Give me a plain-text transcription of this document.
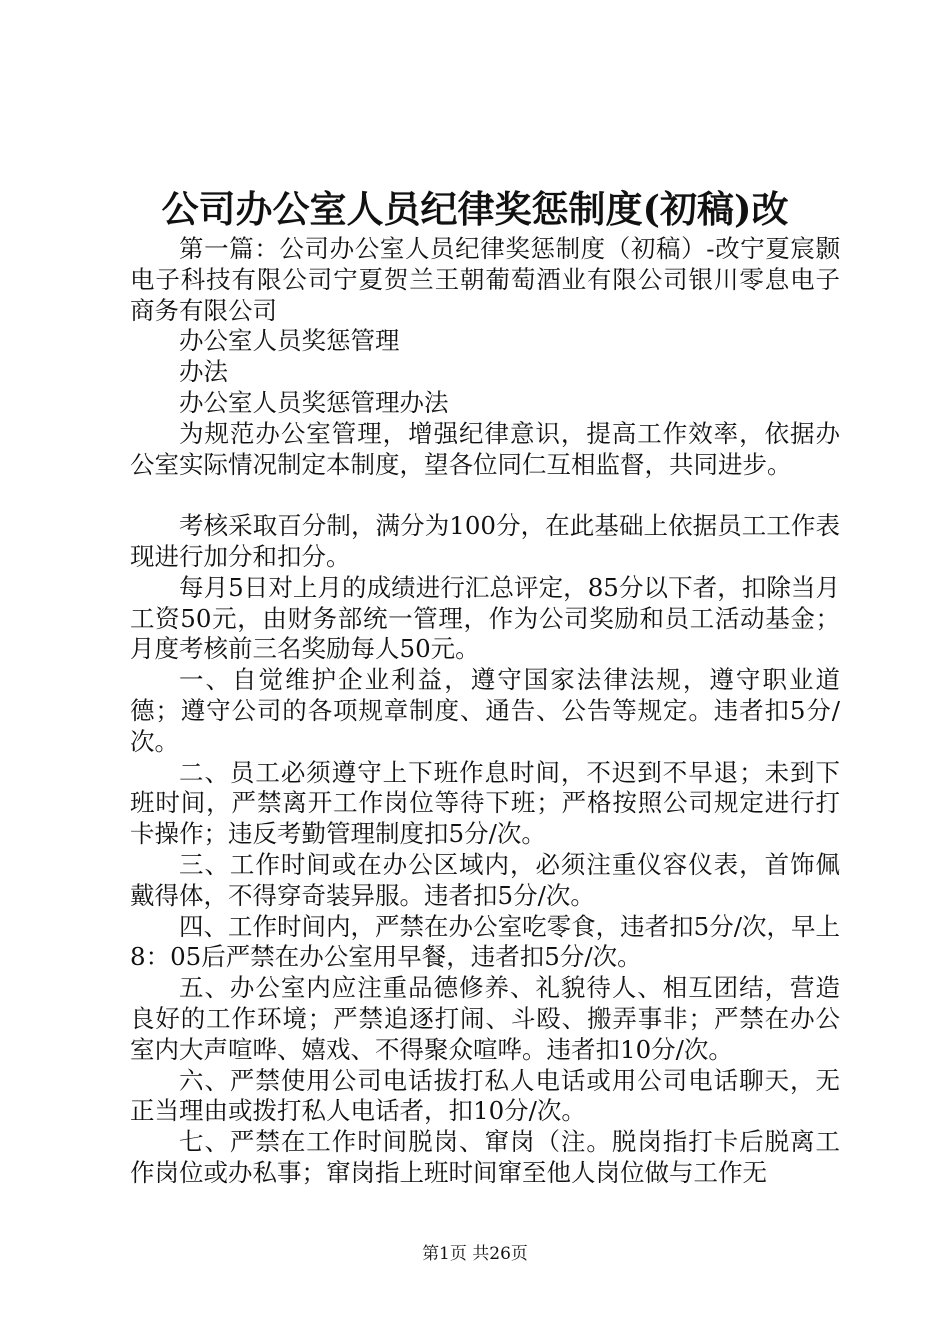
公司办公室人员纪律奖惩制度(初稿)改

第一篇：公司办公室人员纪律奖惩制度（初稿）-改宁夏宸颢电子科技有限公司宁夏贺兰王朝葡萄酒业有限公司银川零息电子商务有限公司

办公室人员奖惩管理

办法

办公室人员奖惩管理办法

为规范办公室管理，增强纪律意识，提高工作效率，依据办公室实际情况制定本制度，望各位同仁互相监督，共同进步。

考核采取百分制，满分为100分，在此基础上依据员工工作表现进行加分和扣分。

每月5日对上月的成绩进行汇总评定，85分以下者，扣除当月工资50元，由财务部统一管理，作为公司奖励和员工活动基金；月度考核前三名奖励每人50元。

一、自觉维护企业利益，遵守国家法律法规，遵守职业道德；遵守公司的各项规章制度、通告、公告等规定。违者扣5分/次。

二、员工必须遵守上下班作息时间，不迟到不早退；未到下班时间，严禁离开工作岗位等待下班；严格按照公司规定进行打卡操作；违反考勤管理制度扣5分/次。

三、工作时间或在办公区域内，必须注重仪容仪表，首饰佩戴得体，不得穿奇装异服。违者扣5分/次。

四、工作时间内，严禁在办公室吃零食，违者扣5分/次，早上8：05后严禁在办公室用早餐，违者扣5分/次。

五、办公室内应注重品德修养、礼貌待人、相互团结，营造良好的工作环境；严禁追逐打闹、斗殴、搬弄事非；严禁在办公室内大声喧哗、嬉戏、不得聚众喧哗。违者扣10分/次。

六、严禁使用公司电话拔打私人电话或用公司电话聊天，无正当理由或拨打私人电话者，扣10分/次。

七、严禁在工作时间脱岗、窜岗（注。脱岗指打卡后脱离工作岗位或办私事；窜岗指上班时间窜至他人岗位做与工作无

第1页 共26页
